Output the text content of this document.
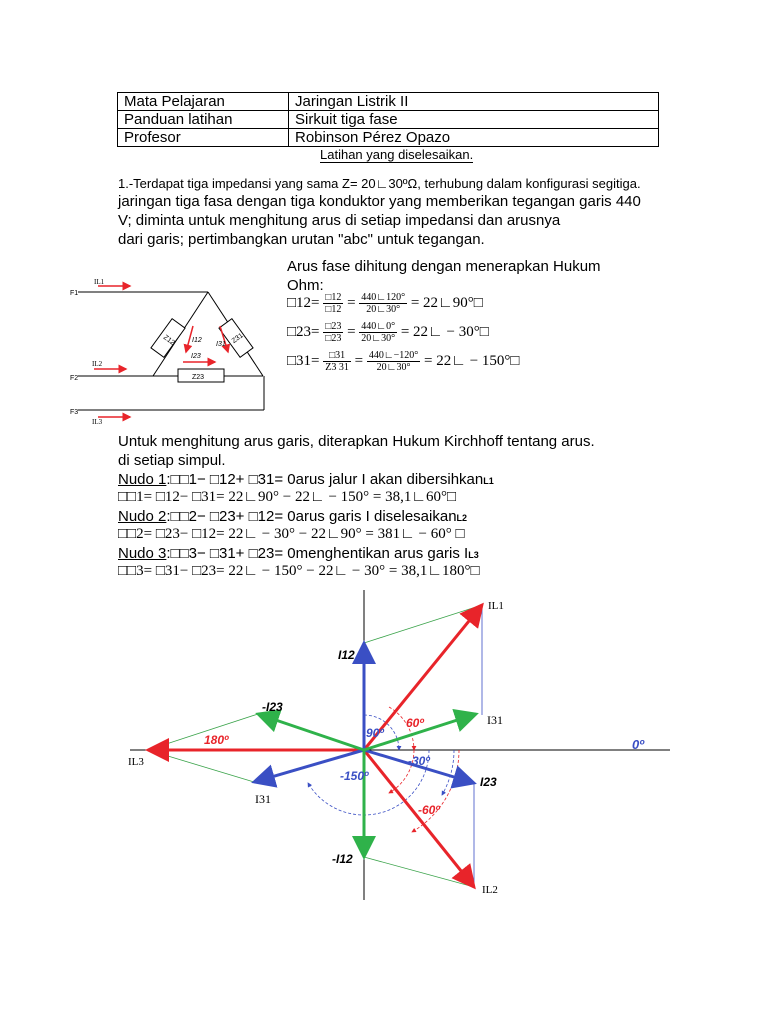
Mata Pelajaran	Jaringan Listrik II
Panduan latihan	Sirkuit tiga fase
Profesor	Robinson Pérez Opazo
Latihan yang diselesaikan.
1.-Terdapat tiga impedansi yang sama Z= 20∟30ºΩ, terhubung dalam konfigurasi segitiga.
jaringan tiga fasa dengan tiga konduktor yang memberikan tegangan garis 440
V; diminta untuk menghitung arus di setiap impedansi dan arusnya
dari garis; pertimbangkan urutan "abc" untuk tegangan.
F1
F2
F3
IL1
IL2
IL3
Z12	Z31
Z23
I12
I31
I23
Arus fase dihitung dengan menerapkan Hukum
Ohm:
□12= $\frac{□12}{□12} = \frac{440∟120^\circ}{20∟30^\circ}$ = 22∟90°□
□23= $\frac{□23}{□23} = \frac{440∟0^\circ}{20∟30^\circ}$ = 22∟ − 30°□
□31= $\frac{□31}{Z3 31} = \frac{440∟-120^\circ}{20∟30^\circ}$ = 22∟ − 150°□
Untuk menghitung arus garis, diterapkan Hukum Kirchhoff tentang arus.
di setiap simpul.
Nudo 1:□□1− □12+ □31= 0arus jalur I akan dibersihkanL1
□□1= □12− □31= 22∟90° − 22∟ − 150° = 38,1∟60°□
Nudo 2:□□2− □23+ □12= 0arus garis I diselesaikanL2
□□2= □23− □12= 22∟ − 30° − 22∟90° = 381∟ − 60° □
Nudo 3:□□3− □31+ □23= 0menghentikan arus garis IL3
□□3= □31− □23= 22∟ − 150° − 22∟ − 30° = 38,1∟180°□
IL1
IL2
IL3
I12
-I12
I23
-I23
I31
I31
0º
90º
60º
180º
-30º
-150º
-60º
